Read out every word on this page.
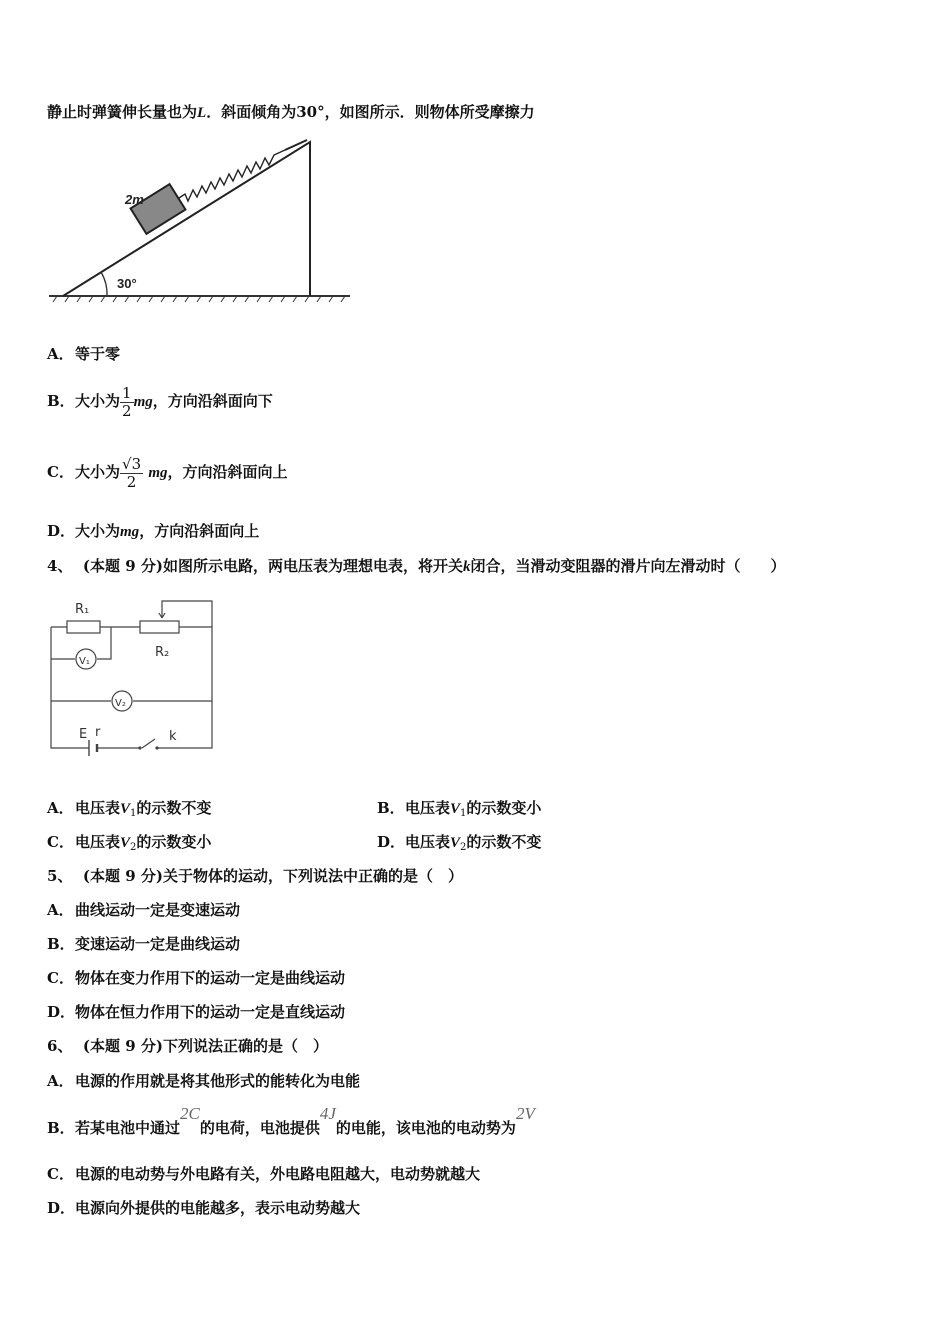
静止时弹簧伸长量也为L．斜面倾角为30°，如图所示．则物体所受摩擦力
2m
30°
A．等于零
B．大小为 $\frac{1}{2}$ mg，方向沿斜面向下
C．大小为 $\frac{√3}{2}$ mg，方向沿斜面向上
D．大小为mg，方向沿斜面向上
4、 (本题 9 分)如图所示电路，两电压表为理想电表，将开关k闭合，当滑动变阻器的滑片向左滑动时（　　）
R₁
R₂
V₁
V₂
E r	k
A．电压表$V_1$的示数不变	B．电压表$V_1$的示数变小
C．电压表$V_2$的示数变小	D．电压表$V_2$的示数不变
5、 (本题 9 分)关于物体的运动，下列说法中正确的是（　）
A．曲线运动一定是变速运动
B．变速运动一定是曲线运动
C．物体在变力作用下的运动一定是曲线运动
D．物体在恒力作用下的运动一定是直线运动
6、 (本题 9 分)下列说法正确的是（　）
A．电源的作用就是将其他形式的能转化为电能
B．若某电池中通过2C的电荷，电池提供4J的电能，该电池的电动势为2V
C．电源的电动势与外电路有关，外电路电阻越大，电动势就越大
D．电源向外提供的电能越多，表示电动势越大
